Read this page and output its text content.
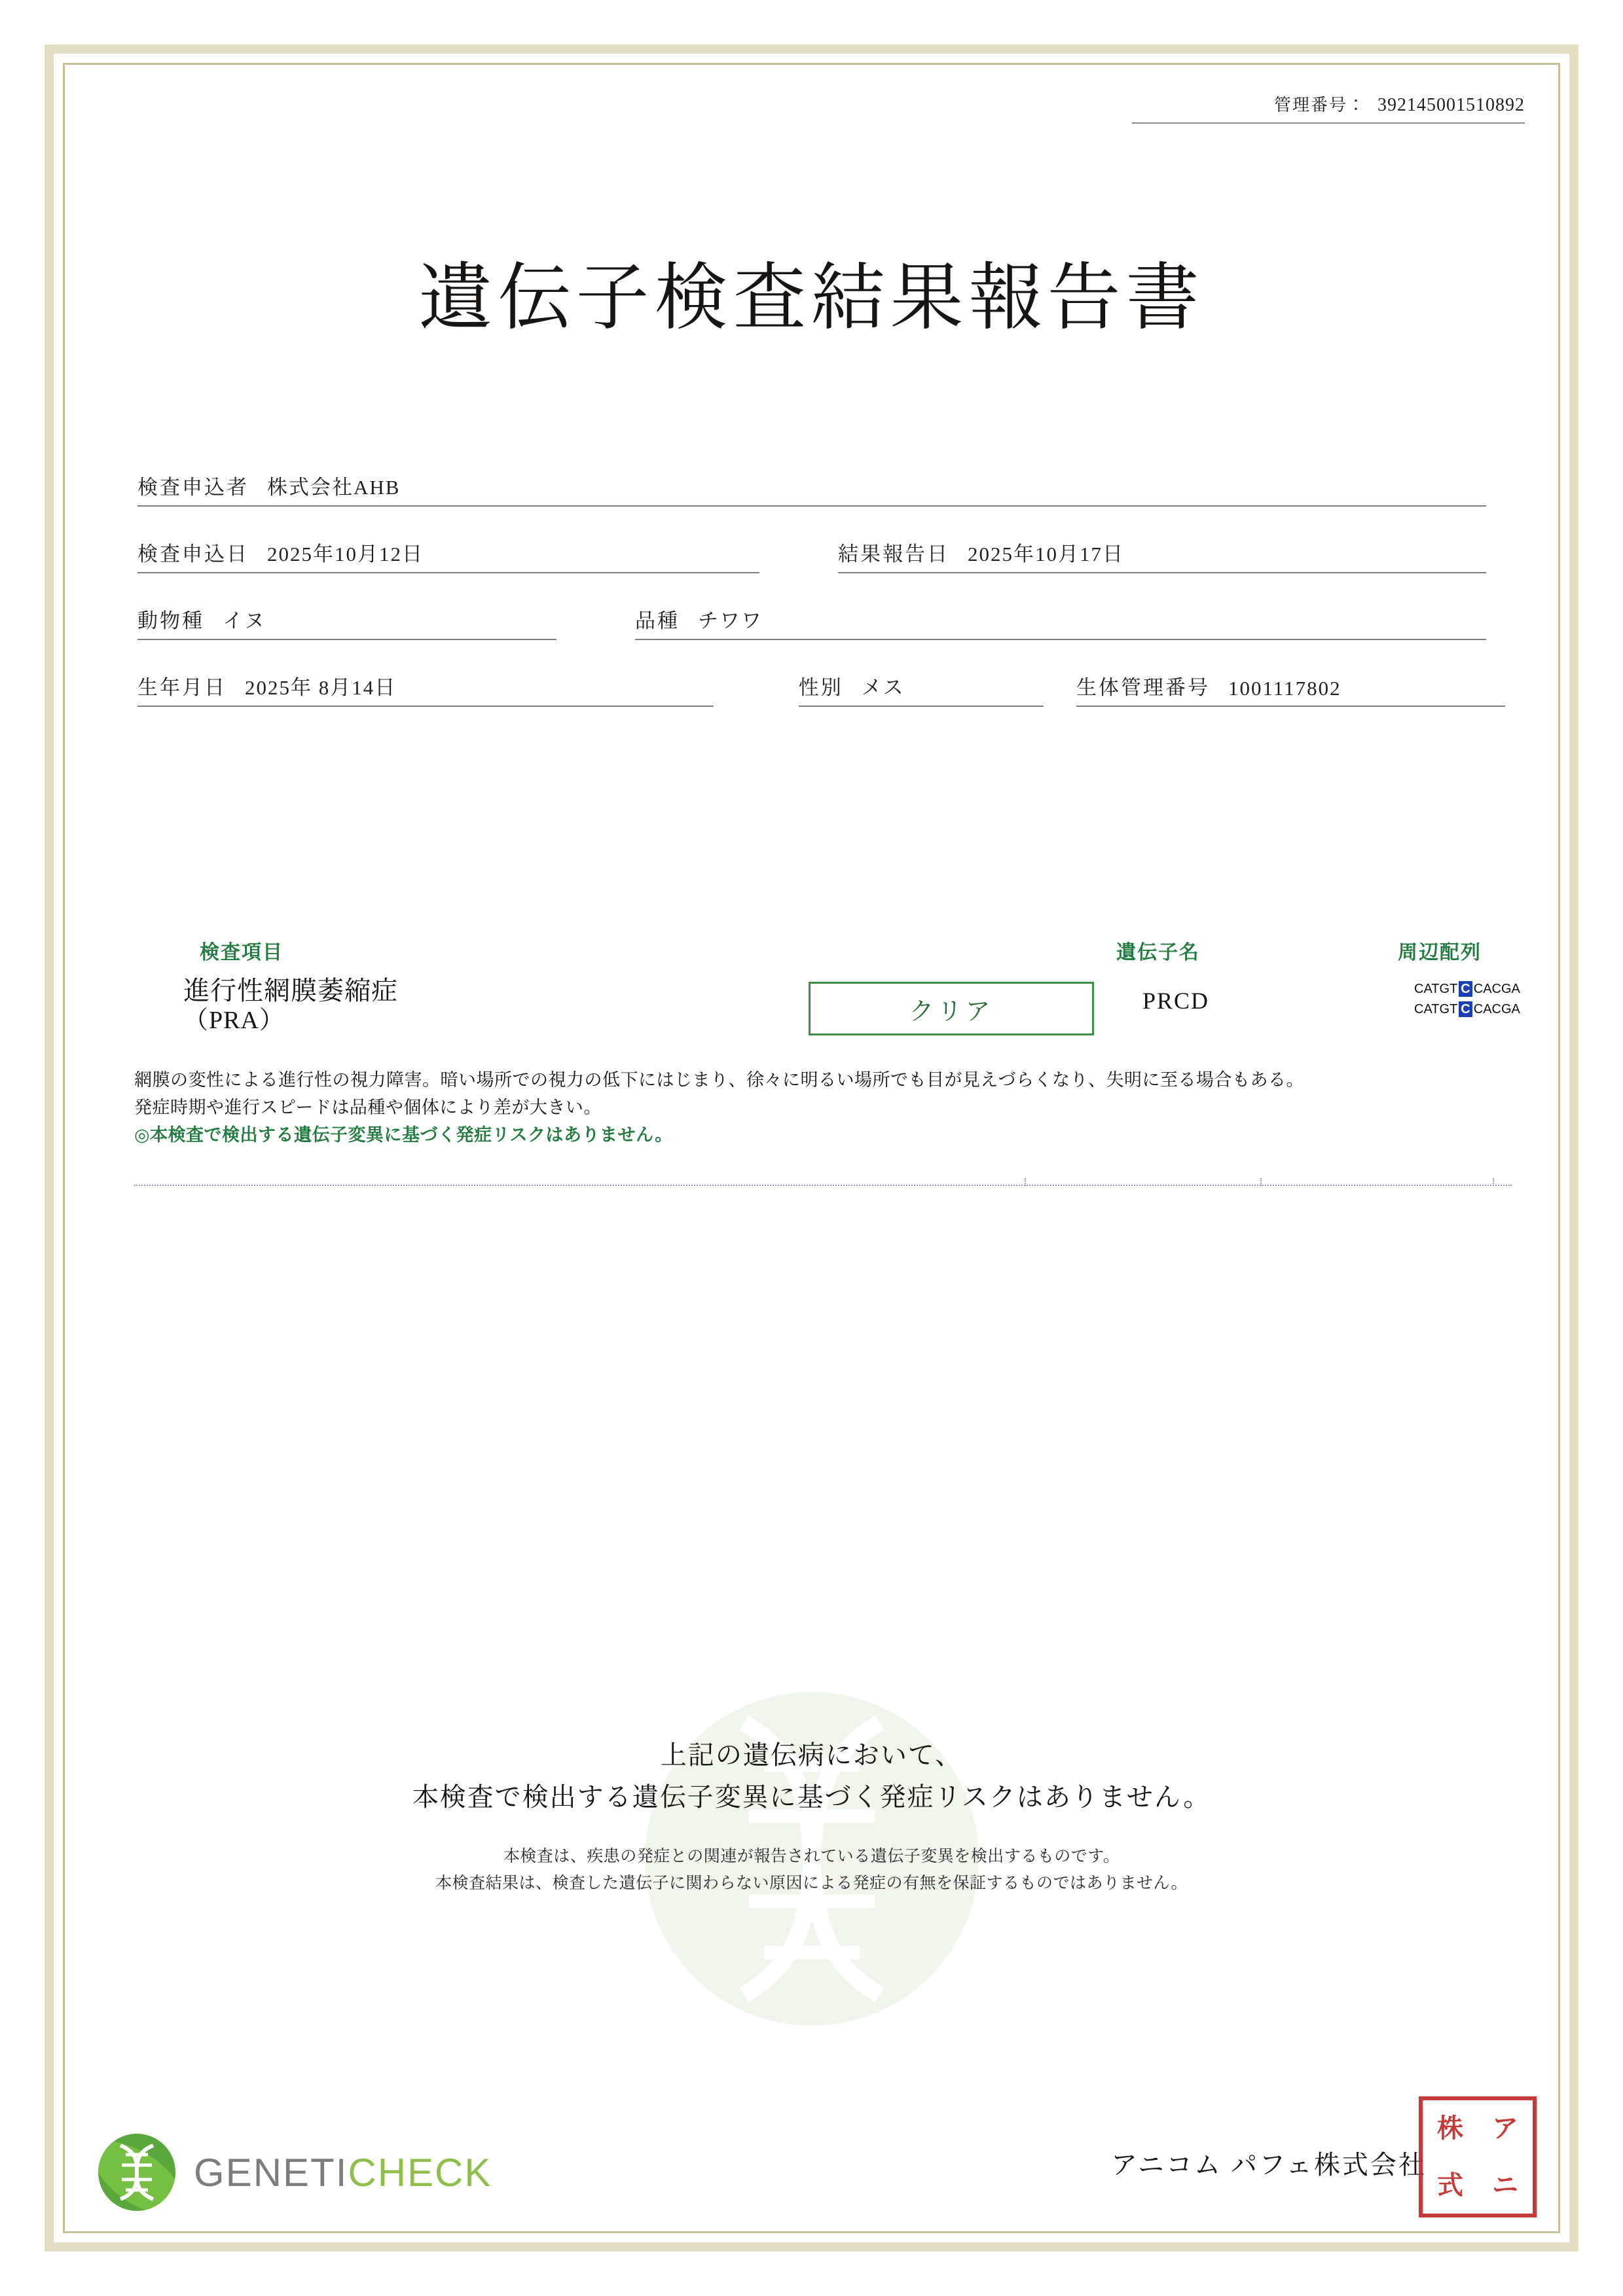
管理番号： 392145001510892
遺伝子検査結果報告書
検査申込者 株式会社AHB
検査申込日 2025年10月12日	結果報告日 2025年10月17日
動物種 イヌ	品種 チワワ
生年月日 2025年 8月14日	性別 メス	生体管理番号 1001117802
検査項目	遺伝子名	周辺配列
進行性網膜萎縮症
（PRA）	クリア	PRCD	CATGT C CACGA
CATGT C CACGA
網膜の変性による進行性の視力障害。暗い場所での視力の低下にはじまり、徐々に明るい場所でも目が見えづらくなり、失明に至る場合もある。
発症時期や進行スピードは品種や個体により差が大きい。
◎本検査で検出する遺伝子変異に基づく発症リスクはありません。
上記の遺伝病において、
本検査で検出する遺伝子変異に基づく発症リスクはありません。
本検査は、疾患の発症との関連が報告されている遺伝子変異を検出するものです。
本検査結果は、検査した遺伝子に関わらない原因による発症の有無を保証するものではありません。
GENETICHECK	アニコム パフェ株式会社
株	ア
式	ニ
